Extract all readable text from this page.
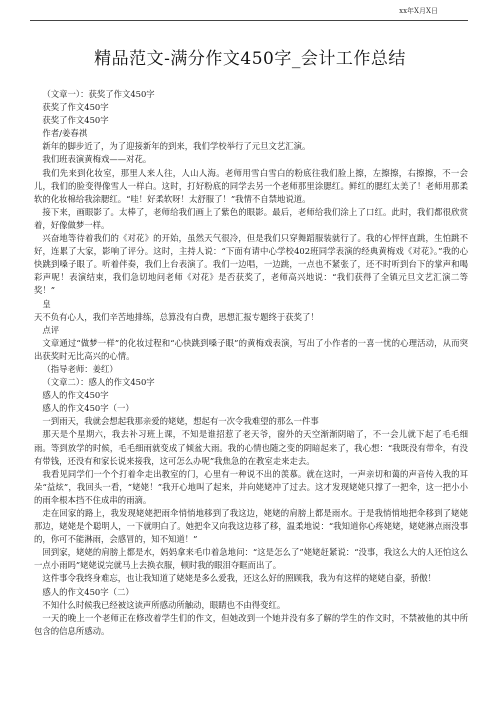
xx年X月X日
精品范文-满分作文450字_会计工作总结

（文章一）：获奖了作文450字

获奖了作文450字

获奖了作文450字

作者/姜春祺

新年的脚步近了，为了迎接新年的到来，我们学校举行了元旦文艺汇演。

我们班表演黄梅戏——对花。

我们先来到化妆室，那里人来人往，人山人海。老师用雪白雪白的粉底往我们脸上擦，左擦擦，右擦擦，不一会儿，我们的脸变得像雪人一样白。这时，打好粉底的同学去另一个老师那里涂腮红。鲜红的腮红太美了！老师用那柔软的化妆棉给我涂腮红。“哇！好柔软呀！太舒服了！”我情不自禁地说道。

接下来，画眼影了。太棒了，老师给我们画上了紫色的眼影。最后，老师给我们涂上了口红。此时，我们都很欣赏着，好像做梦一样。

兴奋地等待着我们的《对花》的开始，虽然天气很冷，但是我们只穿舞蹈服装就行了。我的心怦怦直跳，生怕跳不好，连累了大家，影响了评分。这时，主持人说：“下面有请中心学校402班同学表演的经典黄梅戏《对花》。”我的心快跳到嗓子眼了。听着伴奏，我们上台表演了。我们一边唱，一边跳，一点也不紧张了，还不时听到台下的掌声和喝彩声呢！表演结束，我们急切地问老师《对花》是否获奖了，老师高兴地说：“我们获得了全镇元旦文艺汇演二等奖！”

皇

天不负有心人，我们辛苦地排练，总算没有白费，思想汇报专题终于获奖了！

点评

文章通过“做梦一样”的化妆过程和“心快跳到嗓子眼”的黄梅戏表演，写出了小作者的一喜一忧的心理活动，从而突出获奖时无比高兴的心情。

（指导老师：姜红）

（文章二）：感人的作文450字

感人的作文450字

感人的作文450字（一）

一到雨天，我就会想起我那亲爱的姥姥，想起有一次令我难望的那么一件事

那天是个星期六，我去补习班上课，不知是谁招惹了老天爷，窗外的天空渐渐阴暗了，不一会儿就下起了毛毛细雨。等到放学的时候，毛毛细雨就变成了倾盆大雨。我的心情也随之变的阴暗起来了，我心想：“我既没有带伞，有没有带钱，还没有和家长说来接我，这可怎么办呢”我焦急的在教室走来走去。

我看见同学们一个个打着伞走出教室的门，心里有一种说不出的羡慕。就在这时，一声亲切和蔼的声音传入我的耳朵“益炫”，我回头一看，“姥姥！”我开心地叫了起来，并向姥姥冲了过去。这才发现姥姥只撑了一把伞，这一把小小的雨伞根本挡不住成串的雨滴。

走在回家的路上，我发现姥姥把雨伞悄悄地移到了我这边，姥姥的肩膀上都是雨水。于是我悄悄地把伞移到了姥姥那边，姥姥是个聪明人，一下就明白了。她把伞又向我这边移了移，温柔地说：“我知道你心疼姥姥，姥姥淋点雨没事的，你可不能淋雨，会感冒的，知不知道！”

回到家，姥姥的肩膀上都是水，妈妈拿来毛巾着急地问：“这是怎么了”姥姥赶紧说：“没事，我这么大的人还怕这么一点小雨吗”姥姥说完就马上去换衣服，顿时我的眼泪夺眶而出了。

这件事令我终身难忘，也让我知道了姥姥是多么爱我，还这么好的照顾我，我为有这样的姥姥自豪，骄傲！

感人的作文450字（二）

不知什么时候我已经被这读声所感动所触动，眼睛也不由得变红。

一天的晚上一个老师正在修改着学生们的作文，但她改到一个她并没有多了解的学生的作文时，不禁被他的其中所包含的信息所感动。
